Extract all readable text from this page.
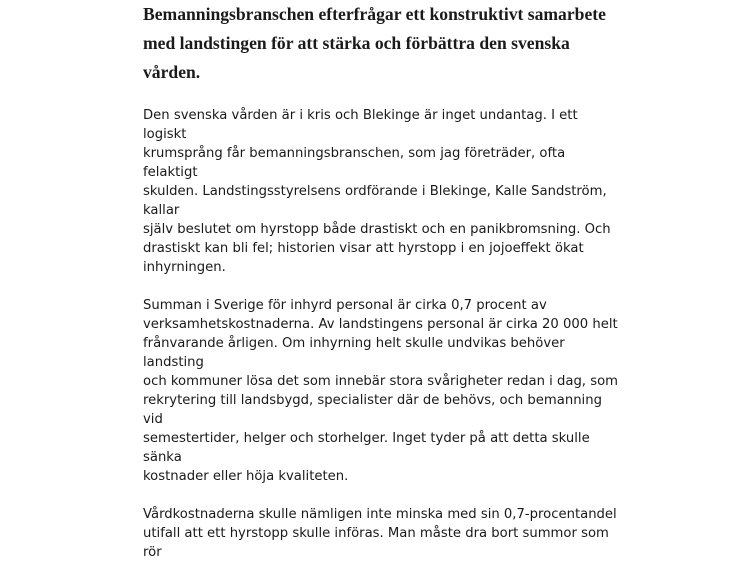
Bemanningsbranschen efterfrågar ett konstruktivt samarbete
med landstingen för att stärka och förbättra den svenska
vården.

Den svenska vården är i kris och Blekinge är inget undantag. I ett logiskt
krumsprång får bemanningsbranschen, som jag företräder, ofta felaktigt
skulden. Landstingsstyrelsens ordförande i Blekinge, Kalle Sandström, kallar
själv beslutet om hyrstopp både drastiskt och en panikbromsning. Och
drastiskt kan bli fel; historien visar att hyrstopp i en jojoeffekt ökat
inhyrningen.

Summan i Sverige för inhyrd personal är cirka 0,7 procent av
verksamhetskostnaderna. Av landstingens personal är cirka 20 000 helt
frånvarande årligen. Om inhyrning helt skulle undvikas behöver landsting
och kommuner lösa det som innebär stora svårigheter redan i dag, som
rekrytering till landsbygd, specialister där de behövs, och bemanning vid
semestertider, helger och storhelger. Inget tyder på att detta skulle sänka
kostnader eller höja kvaliteten.

Vårdkostnaderna skulle nämligen inte minska med sin 0,7-procentandel
utifall att ett hyrstopp skulle införas. Man måste dra bort summor som rör
